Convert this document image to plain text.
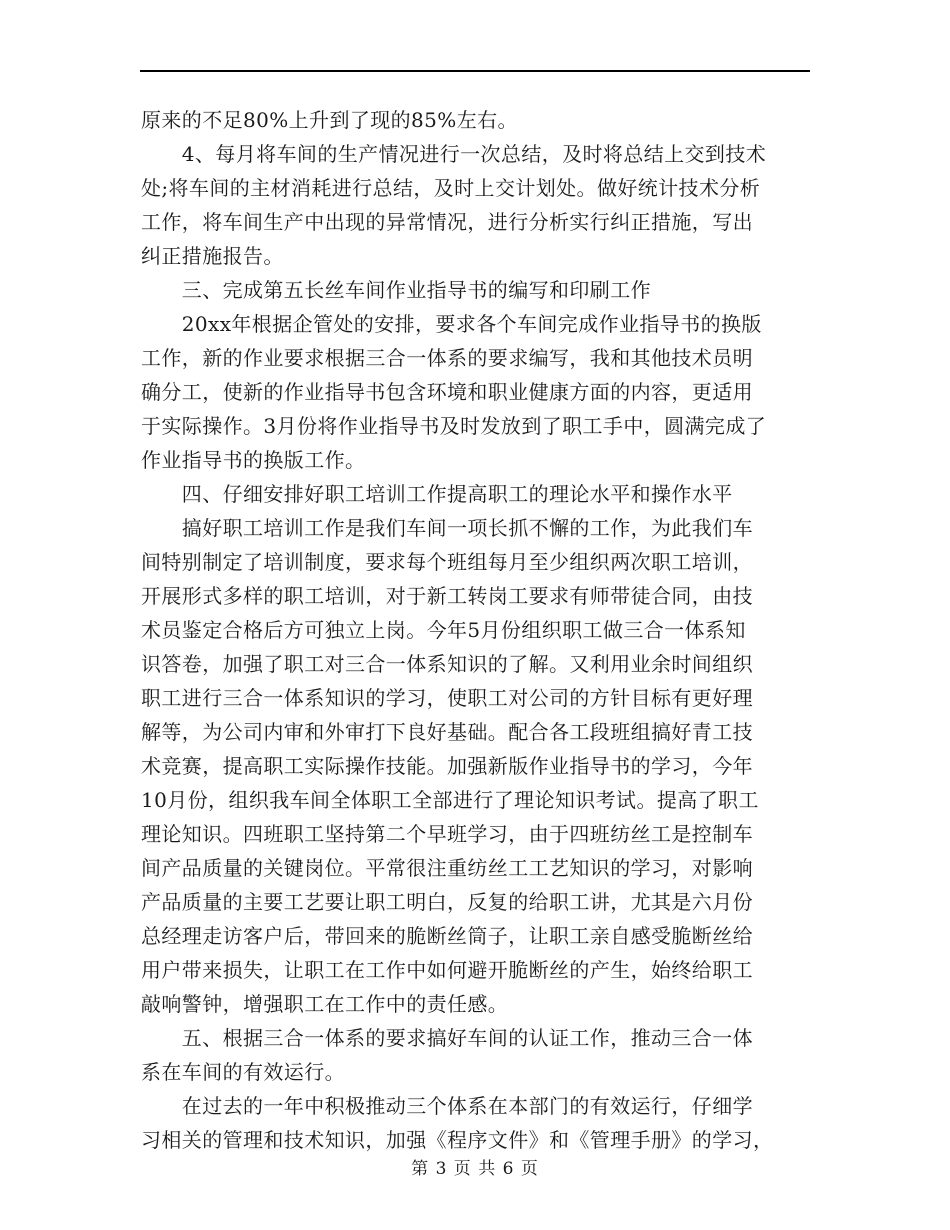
原来的不足80%上升到了现的85%左右。
　　4、每月将车间的生产情况进行一次总结，及时将总结上交到技术
处;将车间的主材消耗进行总结，及时上交计划处。做好统计技术分析
工作，将车间生产中出现的异常情况，进行分析实行纠正措施，写出
纠正措施报告。
　　三、完成第五长丝车间作业指导书的编写和印刷工作
　　20xx年根据企管处的安排，要求各个车间完成作业指导书的换版
工作，新的作业要求根据三合一体系的要求编写，我和其他技术员明
确分工，使新的作业指导书包含环境和职业健康方面的内容，更适用
于实际操作。3月份将作业指导书及时发放到了职工手中，圆满完成了
作业指导书的换版工作。
　　四、仔细安排好职工培训工作提高职工的理论水平和操作水平
　　搞好职工培训工作是我们车间一项长抓不懈的工作，为此我们车
间特别制定了培训制度，要求每个班组每月至少组织两次职工培训，
开展形式多样的职工培训，对于新工转岗工要求有师带徒合同，由技
术员鉴定合格后方可独立上岗。今年5月份组织职工做三合一体系知
识答卷，加强了职工对三合一体系知识的了解。又利用业余时间组织
职工进行三合一体系知识的学习，使职工对公司的方针目标有更好理
解等，为公司内审和外审打下良好基础。配合各工段班组搞好青工技
术竞赛，提高职工实际操作技能。加强新版作业指导书的学习，今年
10月份，组织我车间全体职工全部进行了理论知识考试。提高了职工
理论知识。四班职工坚持第二个早班学习，由于四班纺丝工是控制车
间产品质量的关键岗位。平常很注重纺丝工工艺知识的学习，对影响
产品质量的主要工艺要让职工明白，反复的给职工讲，尤其是六月份
总经理走访客户后，带回来的脆断丝筒子，让职工亲自感受脆断丝给
用户带来损失，让职工在工作中如何避开脆断丝的产生，始终给职工
敲响警钟，增强职工在工作中的责任感。
　　五、根据三合一体系的要求搞好车间的认证工作，推动三合一体
系在车间的有效运行。
　　在过去的一年中积极推动三个体系在本部门的有效运行，仔细学
习相关的管理和技术知识，加强《程序文件》和《管理手册》的学习，
第 3 页 共 6 页
